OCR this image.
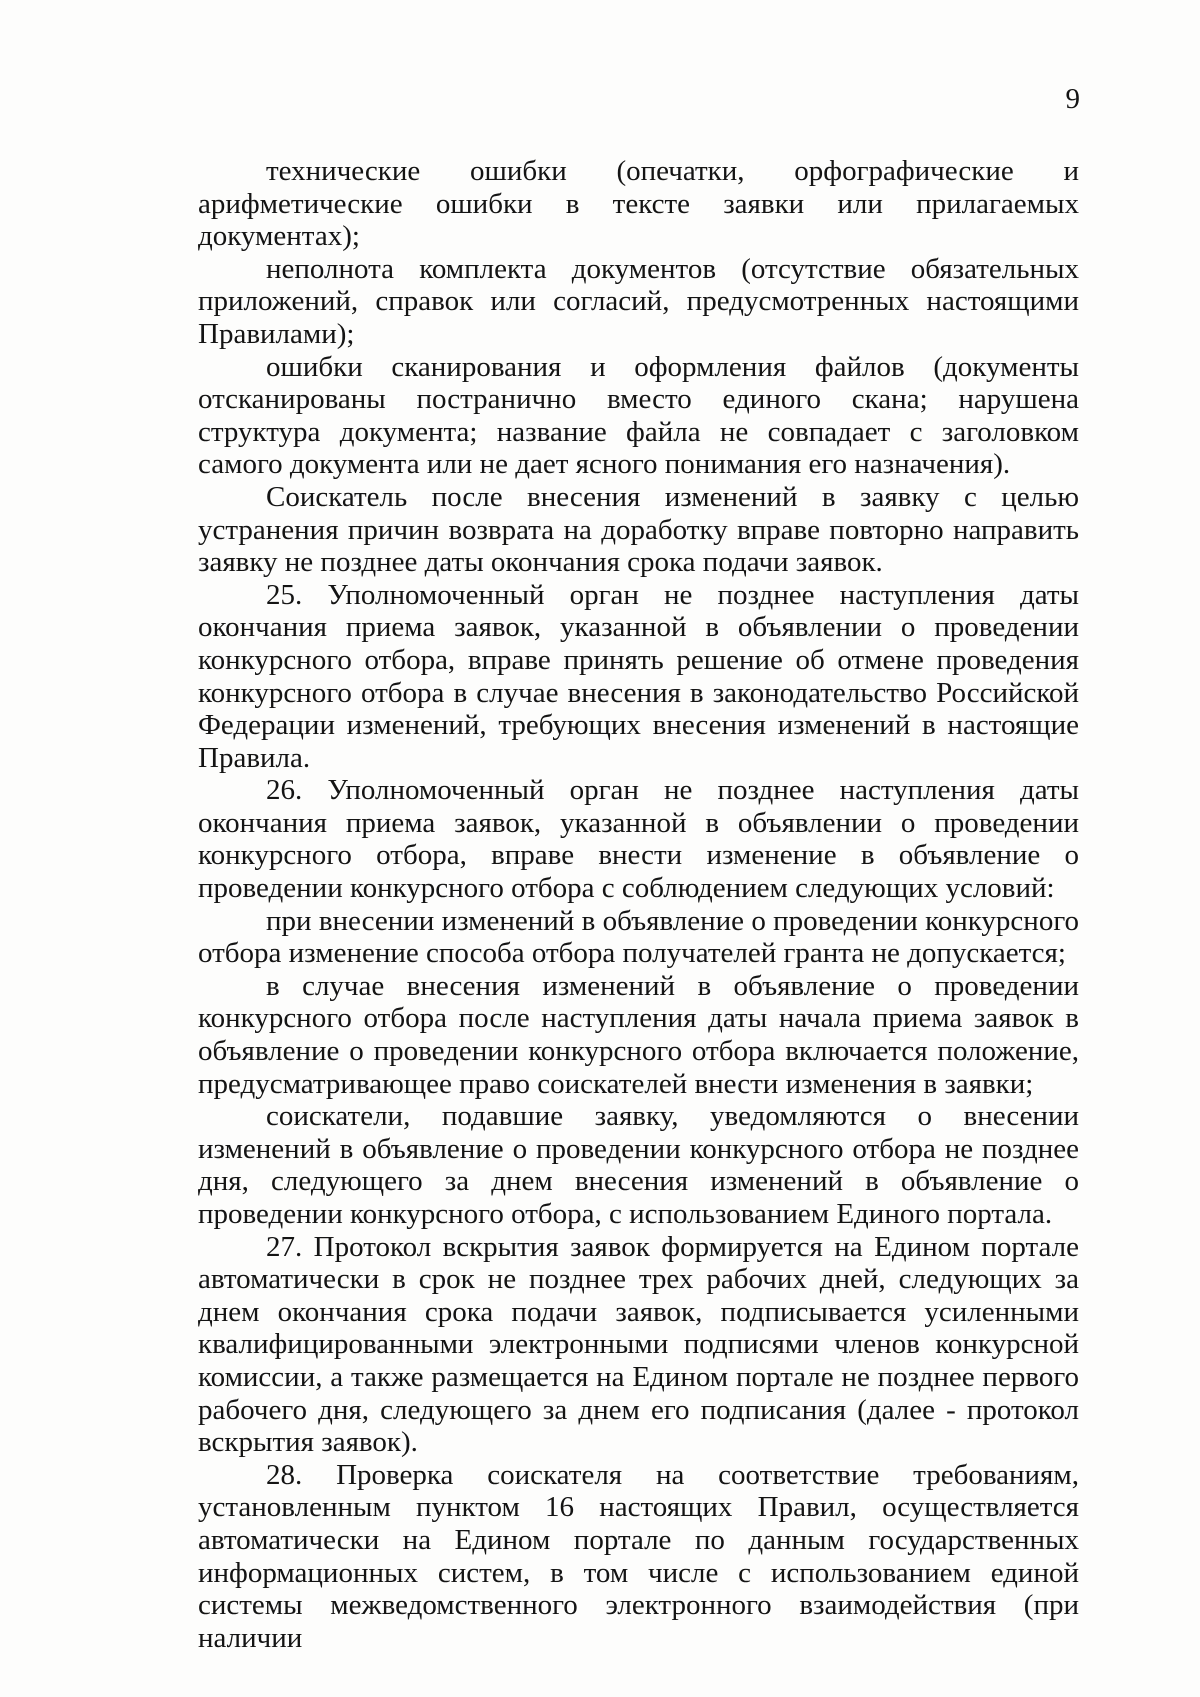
9

технические ошибки (опечатки, орфографические и арифметические ошибки в тексте заявки или прилагаемых документах);

неполнота комплекта документов (отсутствие обязательных приложений, справок или согласий, предусмотренных настоящими Правилами);

ошибки сканирования и оформления файлов (документы отсканированы постранично вместо единого скана; нарушена структура документа; название файла не совпадает с заголовком самого документа или не дает ясного понимания его назначения).

Соискатель после внесения изменений в заявку с целью устранения причин возврата на доработку вправе повторно направить заявку не позднее даты окончания срока подачи заявок.

25. Уполномоченный орган не позднее наступления даты окончания приема заявок, указанной в объявлении о проведении конкурсного отбора, вправе принять решение об отмене проведения конкурсного отбора в случае внесения в законодательство Российской Федерации изменений, требующих внесения изменений в настоящие Правила.

26. Уполномоченный орган не позднее наступления даты окончания приема заявок, указанной в объявлении о проведении конкурсного отбора, вправе внести изменение в объявление о проведении конкурсного отбора с соблюдением следующих условий:

при внесении изменений в объявление о проведении конкурсного отбора изменение способа отбора получателей гранта не допускается;

в случае внесения изменений в объявление о проведении конкурсного отбора после наступления даты начала приема заявок в объявление о проведении конкурсного отбора включается положение, предусматривающее право соискателей внести изменения в заявки;

соискатели, подавшие заявку, уведомляются о внесении изменений в объявление о проведении конкурсного отбора не позднее дня, следующего за днем внесения изменений в объявление о проведении конкурсного отбора, с использованием Единого портала.

27. Протокол вскрытия заявок формируется на Едином портале автоматически в срок не позднее трех рабочих дней, следующих за днем окончания срока подачи заявок, подписывается усиленными квалифицированными электронными подписями членов конкурсной комиссии, а также размещается на Едином портале не позднее первого рабочего дня, следующего за днем его подписания (далее - протокол вскрытия заявок).

28. Проверка соискателя на соответствие требованиям, установленным пунктом 16 настоящих Правил, осуществляется автоматически на Едином портале по данным государственных информационных систем, в том числе с использованием единой системы межведомственного электронного взаимодействия (при наличии
